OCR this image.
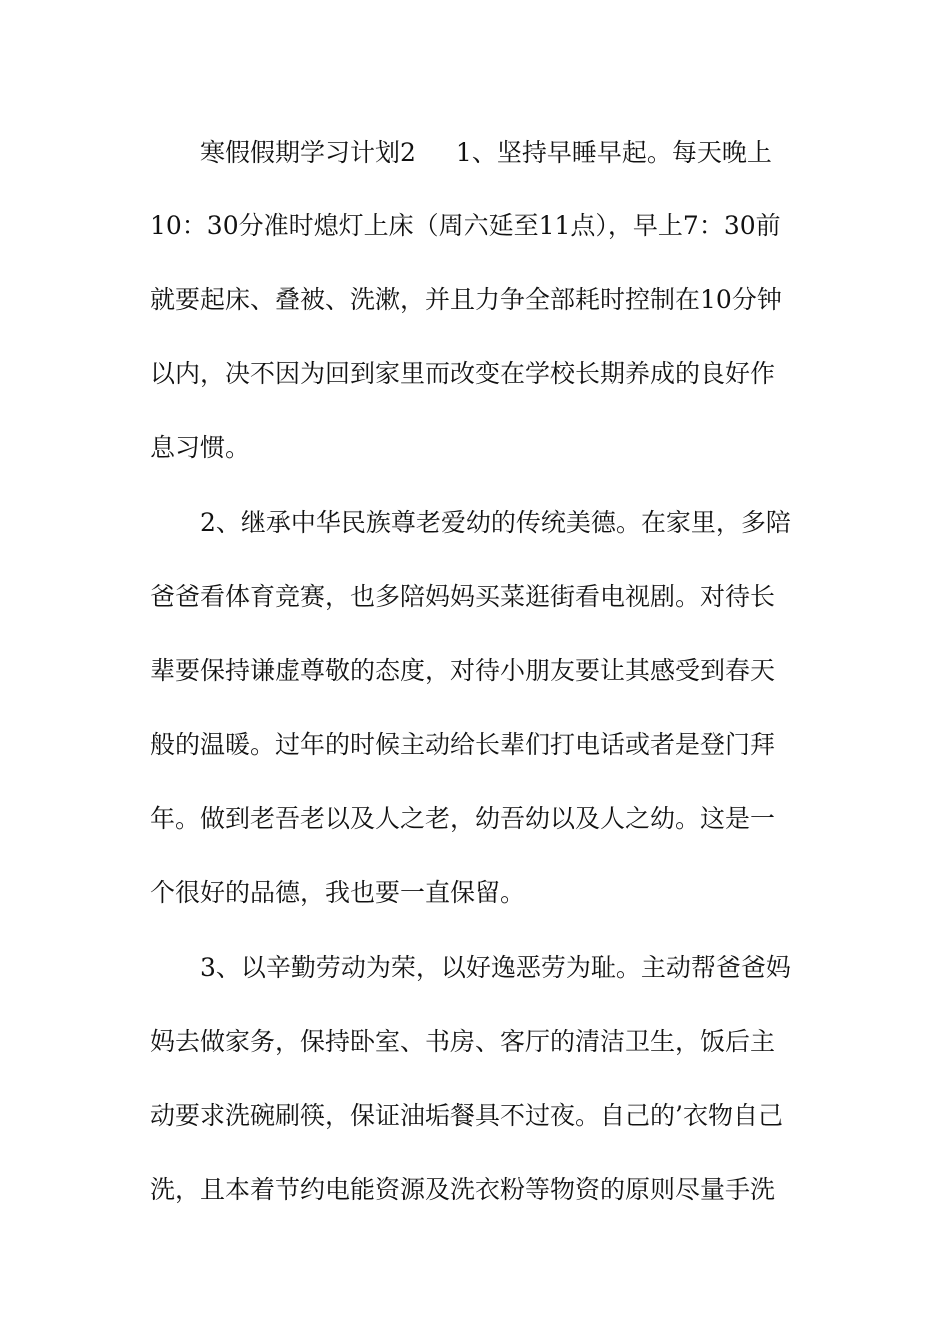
寒假假期学习计划2 1、坚持早睡早起。每天晚上
10：30分准时熄灯上床（周六延至11点），早上7：30前
就要起床、叠被、洗漱，并且力争全部耗时控制在10分钟
以内，决不因为回到家里而改变在学校长期养成的良好作
息习惯。
2、继承中华民族尊老爱幼的传统美德。在家里，多陪
爸爸看体育竞赛，也多陪妈妈买菜逛街看电视剧。对待长
辈要保持谦虚尊敬的态度，对待小朋友要让其感受到春天
般的温暖。过年的时候主动给长辈们打电话或者是登门拜
年。做到老吾老以及人之老，幼吾幼以及人之幼。这是一
个很好的品德，我也要一直保留。
3、以辛勤劳动为荣，以好逸恶劳为耻。主动帮爸爸妈
妈去做家务，保持卧室、书房、客厅的清洁卫生，饭后主
动要求洗碗刷筷，保证油垢餐具不过夜。自己的’衣物自己
洗，且本着节约电能资源及洗衣粉等物资的原则尽量手洗
